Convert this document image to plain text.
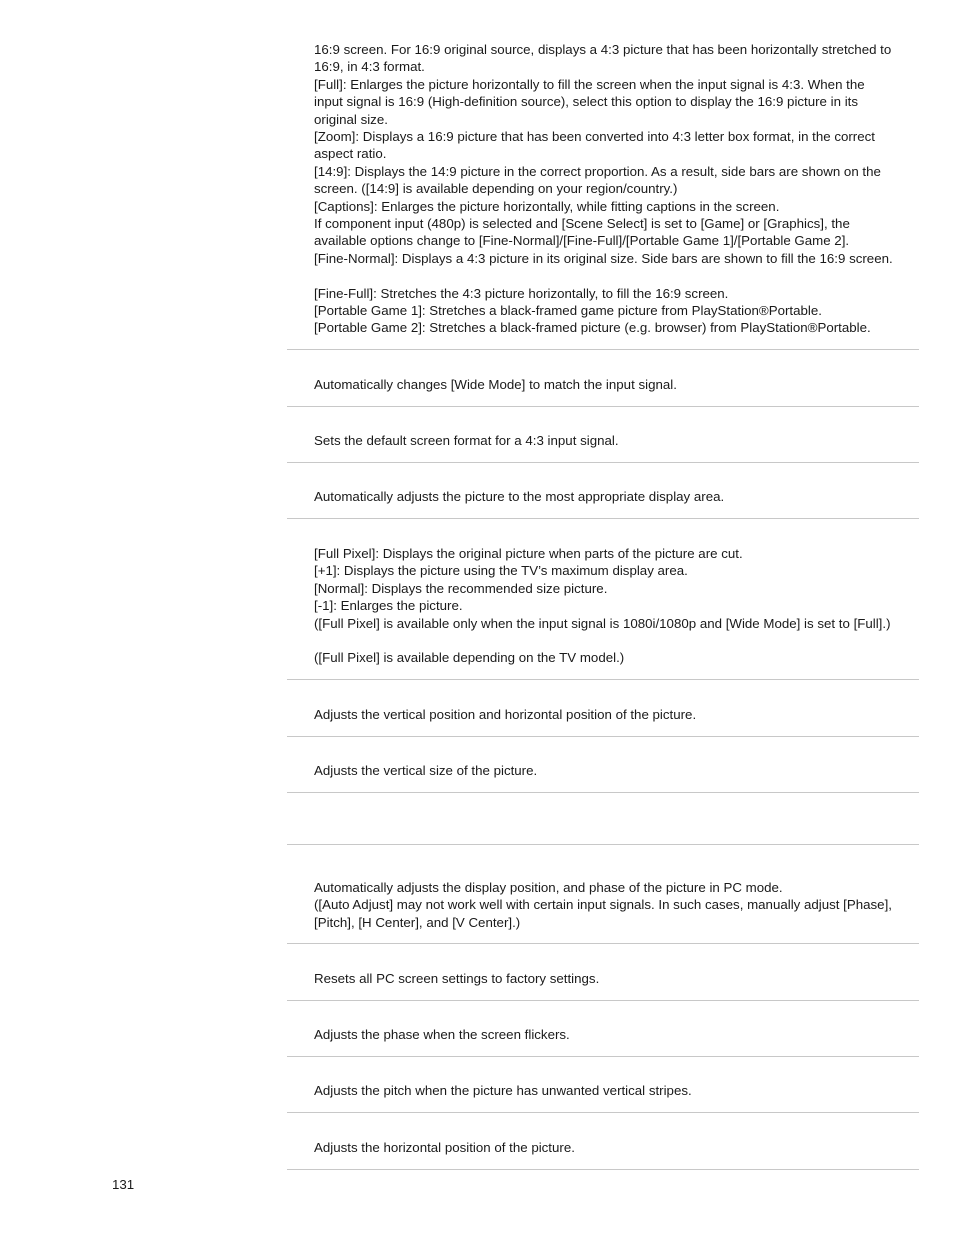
16:9 screen. For 16:9 original source, displays a 4:3 picture that has been horizontally stretched to
16:9, in 4:3 format.
[Full]: Enlarges the picture horizontally to fill the screen when the input signal is 4:3. When the
input signal is 16:9 (High-definition source), select this option to display the 16:9 picture in its
original size.
[Zoom]: Displays a 16:9 picture that has been converted into 4:3 letter box format, in the correct
aspect ratio.
[14:9]: Displays the 14:9 picture in the correct proportion. As a result, side bars are shown on the
screen. ([14:9] is available depending on your region/country.)
[Captions]: Enlarges the picture horizontally, while fitting captions in the screen.
If component input (480p) is selected and [Scene Select] is set to [Game] or [Graphics], the
available options change to [Fine-Normal]/[Fine-Full]/[Portable Game 1]/[Portable Game 2].
[Fine-Normal]: Displays a 4:3 picture in its original size. Side bars are shown to fill the 16:9 screen.
[Fine-Full]: Stretches the 4:3 picture horizontally, to fill the 16:9 screen.
[Portable Game 1]: Stretches a black-framed game picture from PlayStation®Portable.
[Portable Game 2]: Stretches a black-framed picture (e.g. browser) from PlayStation®Portable.
Automatically changes [Wide Mode] to match the input signal.
Sets the default screen format for a 4:3 input signal.
Automatically adjusts the picture to the most appropriate display area.
[Full Pixel]: Displays the original picture when parts of the picture are cut.
[+1]: Displays the picture using the TV’s maximum display area.
[Normal]: Displays the recommended size picture.
[-1]: Enlarges the picture.
([Full Pixel] is available only when the input signal is 1080i/1080p and [Wide Mode] is set to [Full].)
([Full Pixel] is available depending on the TV model.)
Adjusts the vertical position and horizontal position of the picture.
Adjusts the vertical size of the picture.
Automatically adjusts the display position, and phase of the picture in PC mode.
([Auto Adjust] may not work well with certain input signals. In such cases, manually adjust [Phase],
[Pitch], [H Center], and [V Center].)
Resets all PC screen settings to factory settings.
Adjusts the phase when the screen flickers.
Adjusts the pitch when the picture has unwanted vertical stripes.
Adjusts the horizontal position of the picture.
131
